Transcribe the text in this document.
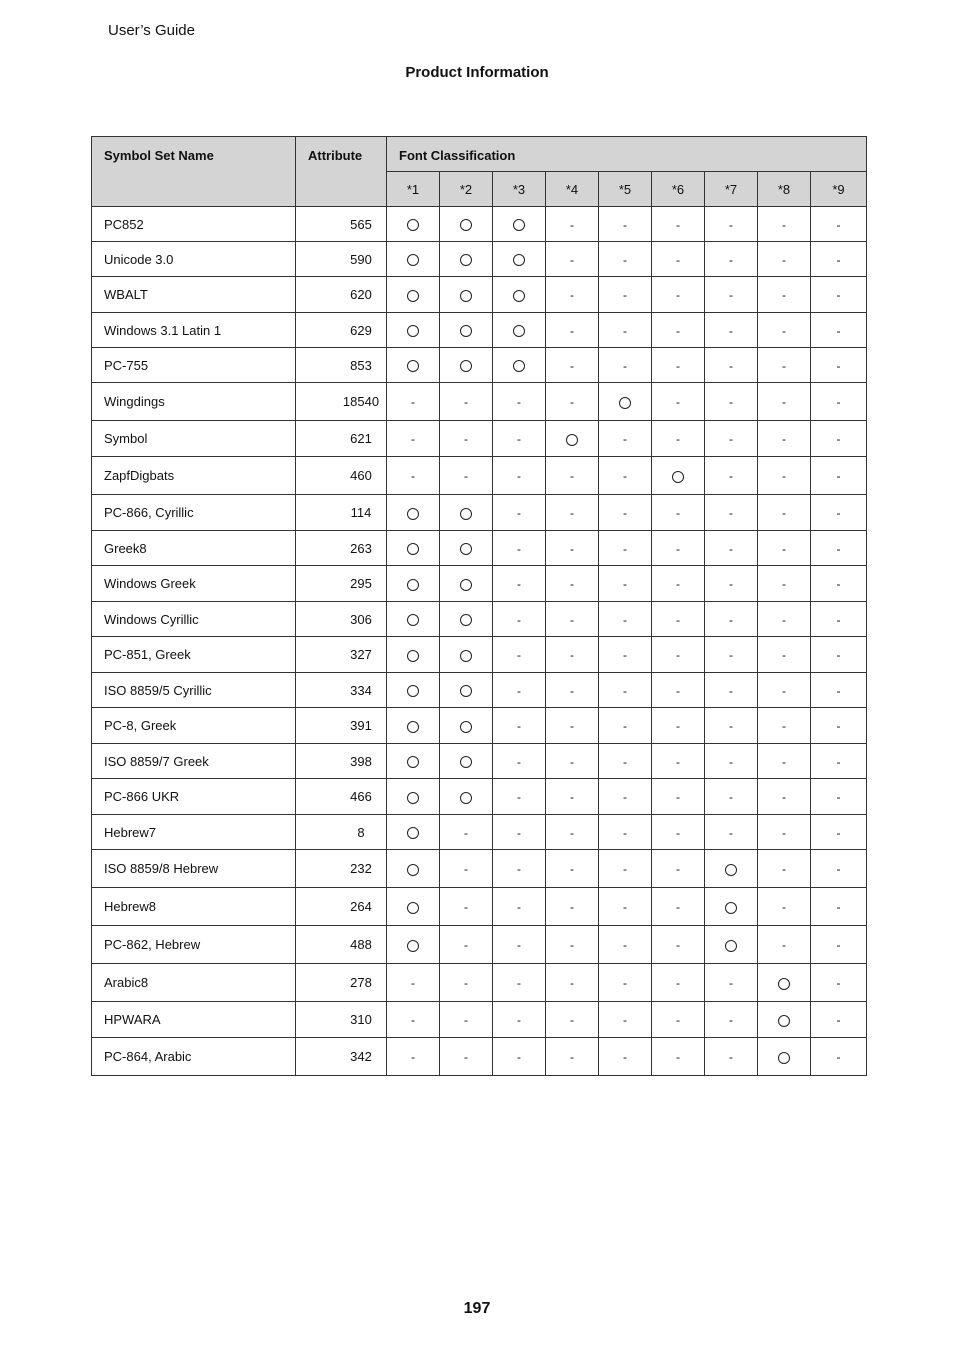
User’s Guide
Product Information
Symbol Set Name	Attribute	Font Classification								
		*1	*2	*3	*4	*5	*6	*7	*8	*9
PC852	565				-	-	-	-	-	-
Unicode 3.0	590				-	-	-	-	-	-
WBALT	620				-	-	-	-	-	-
Windows 3.1 Latin 1	629				-	-	-	-	-	-
PC-755	853				-	-	-	-	-	-
Wingdings	18540	-	-	-	-		-	-	-	-
Symbol	621	-	-	-		-	-	-	-	-
ZapfDigbats	460	-	-	-	-	-		-	-	-
PC-866, Cyrillic	114			-	-	-	-	-	-	-
Greek8	263			-	-	-	-	-	-	-
Windows Greek	295			-	-	-	-	-	-	-
Windows Cyrillic	306			-	-	-	-	-	-	-
PC-851, Greek	327			-	-	-	-	-	-	-
ISO 8859/5 Cyrillic	334			-	-	-	-	-	-	-
PC-8, Greek	391			-	-	-	-	-	-	-
ISO 8859/7 Greek	398			-	-	-	-	-	-	-
PC-866 UKR	466			-	-	-	-	-	-	-
Hebrew7	8		-	-	-	-	-	-	-	-
ISO 8859/8 Hebrew	232		-	-	-	-	-		-	-
Hebrew8	264		-	-	-	-	-		-	-
PC-862, Hebrew	488		-	-	-	-	-		-	-
Arabic8	278	-	-	-	-	-	-	-		-
HPWARA	310	-	-	-	-	-	-	-		-
PC-864, Arabic	342	-	-	-	-	-	-	-		-
197
